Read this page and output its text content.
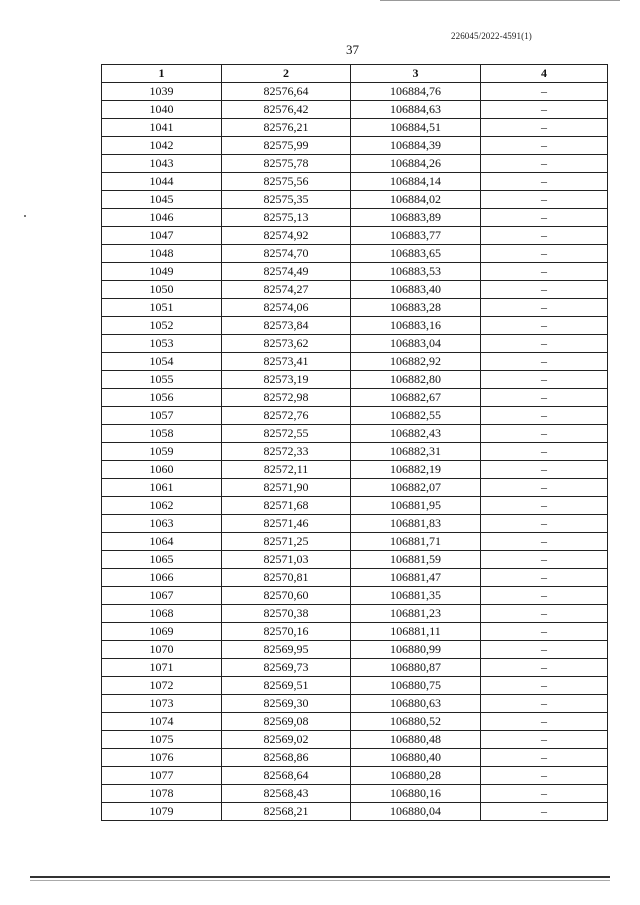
226045/2022-4591(1)
37
1	2	3	4
1039	82576,64	106884,76	–
1040	82576,42	106884,63	–
1041	82576,21	106884,51	–
1042	82575,99	106884,39	–
1043	82575,78	106884,26	–
1044	82575,56	106884,14	–
1045	82575,35	106884,02	–
1046	82575,13	106883,89	–
1047	82574,92	106883,77	–
1048	82574,70	106883,65	–
1049	82574,49	106883,53	–
1050	82574,27	106883,40	–
1051	82574,06	106883,28	–
1052	82573,84	106883,16	–
1053	82573,62	106883,04	–
1054	82573,41	106882,92	–
1055	82573,19	106882,80	–
1056	82572,98	106882,67	–
1057	82572,76	106882,55	–
1058	82572,55	106882,43	–
1059	82572,33	106882,31	–
1060	82572,11	106882,19	–
1061	82571,90	106882,07	–
1062	82571,68	106881,95	–
1063	82571,46	106881,83	–
1064	82571,25	106881,71	–
1065	82571,03	106881,59	–
1066	82570,81	106881,47	–
1067	82570,60	106881,35	–
1068	82570,38	106881,23	–
1069	82570,16	106881,11	–
1070	82569,95	106880,99	–
1071	82569,73	106880,87	–
1072	82569,51	106880,75	–
1073	82569,30	106880,63	–
1074	82569,08	106880,52	–
1075	82569,02	106880,48	–
1076	82568,86	106880,40	–
1077	82568,64	106880,28	–
1078	82568,43	106880,16	–
1079	82568,21	106880,04	–
